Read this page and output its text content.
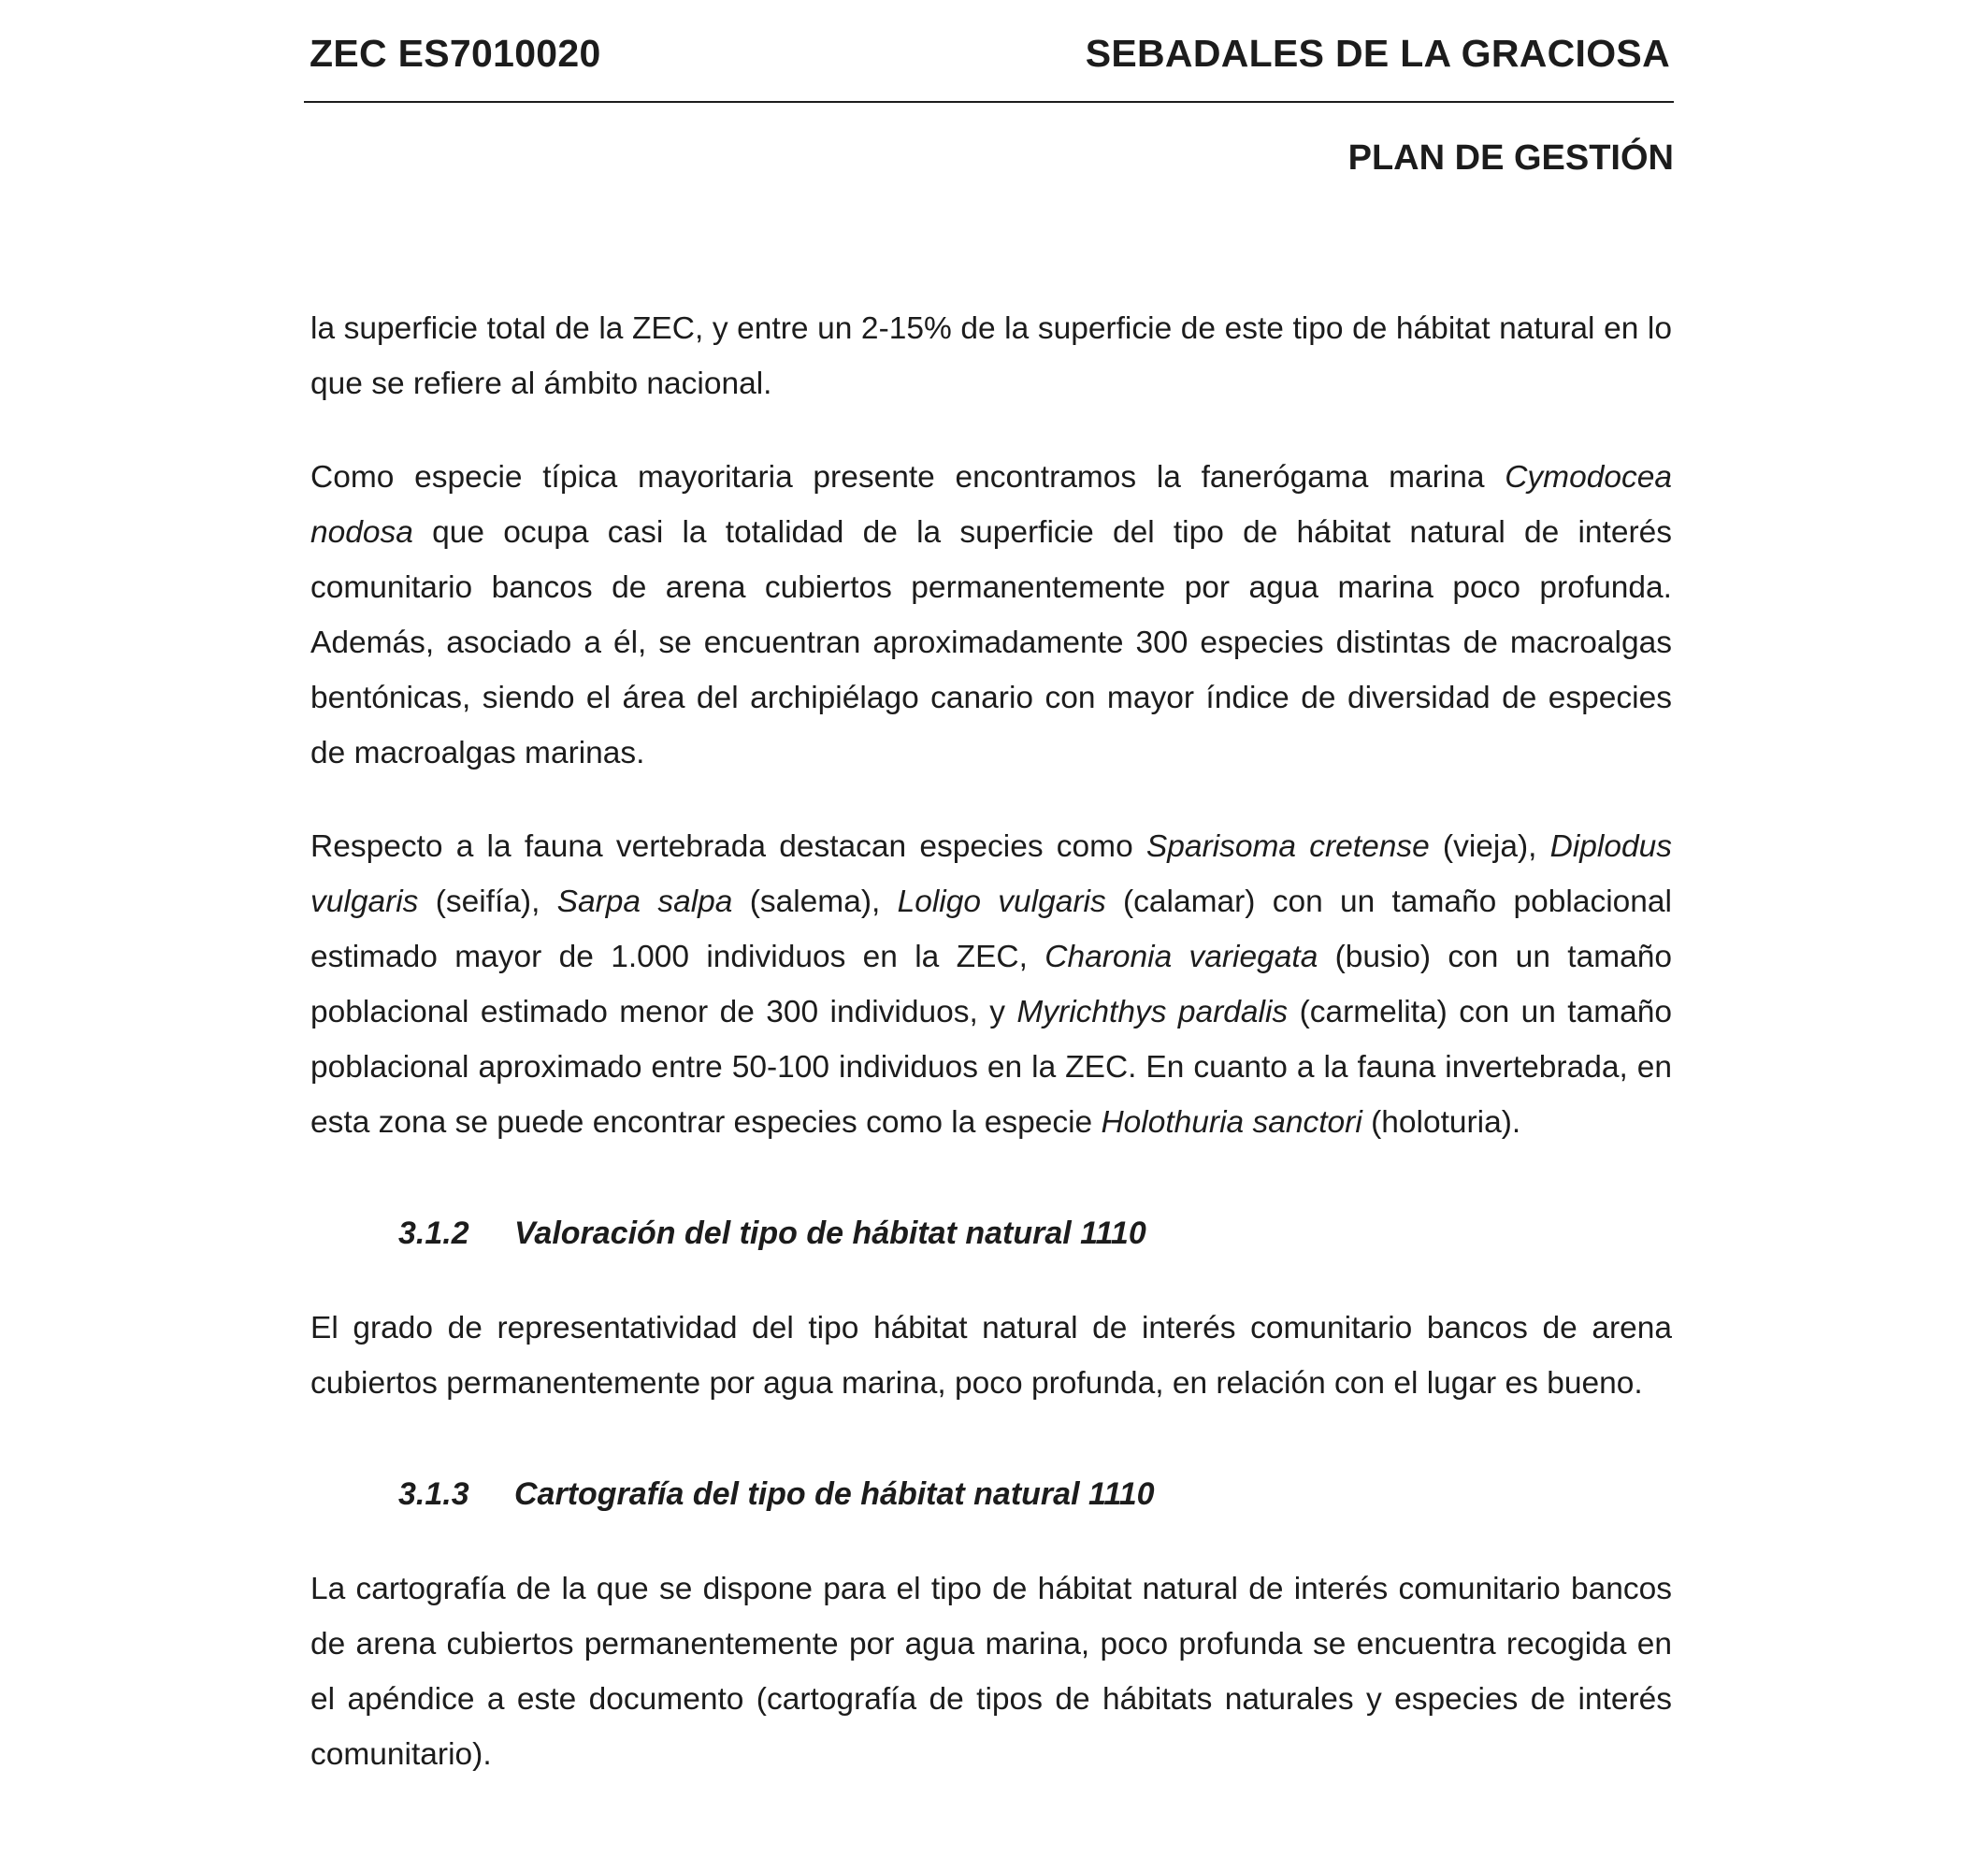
ZEC ES7010020	SEBADALES DE LA GRACIOSA
PLAN DE GESTIÓN

la superficie total de la ZEC, y entre un 2-15% de la superficie de este tipo de hábitat natural en lo que se refiere al ámbito nacional.

Como especie típica mayoritaria presente encontramos la fanerógama marina Cymodocea nodosa que ocupa casi la totalidad de la superficie del tipo de hábitat natural de interés comunitario bancos de arena cubiertos permanentemente por agua marina poco profunda. Además, asociado a él, se encuentran aproximadamente 300 especies distintas de macroalgas bentónicas, siendo el área del archipiélago canario con mayor índice de diversidad de especies de macroalgas marinas.

Respecto a la fauna vertebrada destacan especies como Sparisoma cretense (vieja), Diplodus vulgaris (seifía), Sarpa salpa (salema), Loligo vulgaris (calamar) con un tamaño poblacional estimado mayor de 1.000 individuos en la ZEC, Charonia variegata (busio) con un tamaño poblacional estimado menor de 300 individuos, y Myrichthys pardalis (carmelita) con un tamaño poblacional aproximado entre 50-100 individuos en la ZEC. En cuanto a la fauna invertebrada, en esta zona se puede encontrar especies como la especie Holothuria sanctori (holoturia).

3.1.2 Valoración del tipo de hábitat natural 1110

El grado de representatividad del tipo hábitat natural de interés comunitario bancos de arena cubiertos permanentemente por agua marina, poco profunda, en relación con el lugar es bueno.

3.1.3 Cartografía del tipo de hábitat natural 1110

La cartografía de la que se dispone para el tipo de hábitat natural de interés comunitario bancos de arena cubiertos permanentemente por agua marina, poco profunda se encuentra recogida en el apéndice a este documento (cartografía de tipos de hábitats naturales y especies de interés comunitario).
